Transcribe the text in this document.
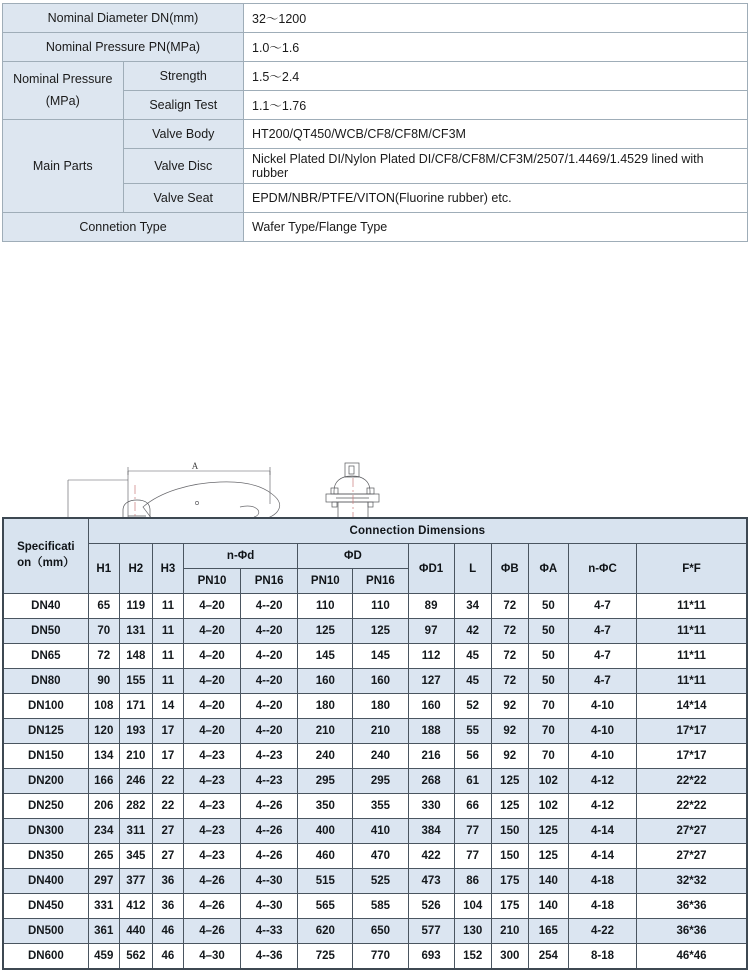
Nominal Diameter DN(mm)		32～1200
Nominal Pressure PN(MPa)		1.0～1.6
Nominal Pressure
(MPa)	Strength	1.5～2.4
	Sealign Test	1.1～1.76
Main Parts	Valve Body	HT200/QT450/WCB/CF8/CF8M/CF3M
	Valve Disc	Nickel Plated DI/Nylon Plated DI/CF8/CF8M/CF3M/2507/1.4469/1.4529 lined with rubber
	Valve Seat	EPDM/NBR/PTFE/VITON(Fluorine rubber) etc.
Connetion Type		Wafer Type/Flange Type
A
Specificati
on（mm）	Connection Dimensions												
	H1	H2	H3	n-Φd		ΦD		ΦD1	L	ΦB	ΦA	n-ΦC	F*F
				PN10	PN16	PN10	PN16						
DN40	65	119	11	4–20	4--20	110	110	89	34	72	50	4-7	11*11
DN50	70	131	11	4–20	4--20	125	125	97	42	72	50	4-7	11*11
DN65	72	148	11	4–20	4--20	145	145	112	45	72	50	4-7	11*11
DN80	90	155	11	4–20	4--20	160	160	127	45	72	50	4-7	11*11
DN100	108	171	14	4–20	4--20	180	180	160	52	92	70	4-10	14*14
DN125	120	193	17	4–20	4--20	210	210	188	55	92	70	4-10	17*17
DN150	134	210	17	4–23	4--23	240	240	216	56	92	70	4-10	17*17
DN200	166	246	22	4–23	4--23	295	295	268	61	125	102	4-12	22*22
DN250	206	282	22	4–23	4--26	350	355	330	66	125	102	4-12	22*22
DN300	234	311	27	4–23	4--26	400	410	384	77	150	125	4-14	27*27
DN350	265	345	27	4–23	4--26	460	470	422	77	150	125	4-14	27*27
DN400	297	377	36	4–26	4--30	515	525	473	86	175	140	4-18	32*32
DN450	331	412	36	4–26	4--30	565	585	526	104	175	140	4-18	36*36
DN500	361	440	46	4–26	4--33	620	650	577	130	210	165	4-22	36*36
DN600	459	562	46	4–30	4--36	725	770	693	152	300	254	8-18	46*46
